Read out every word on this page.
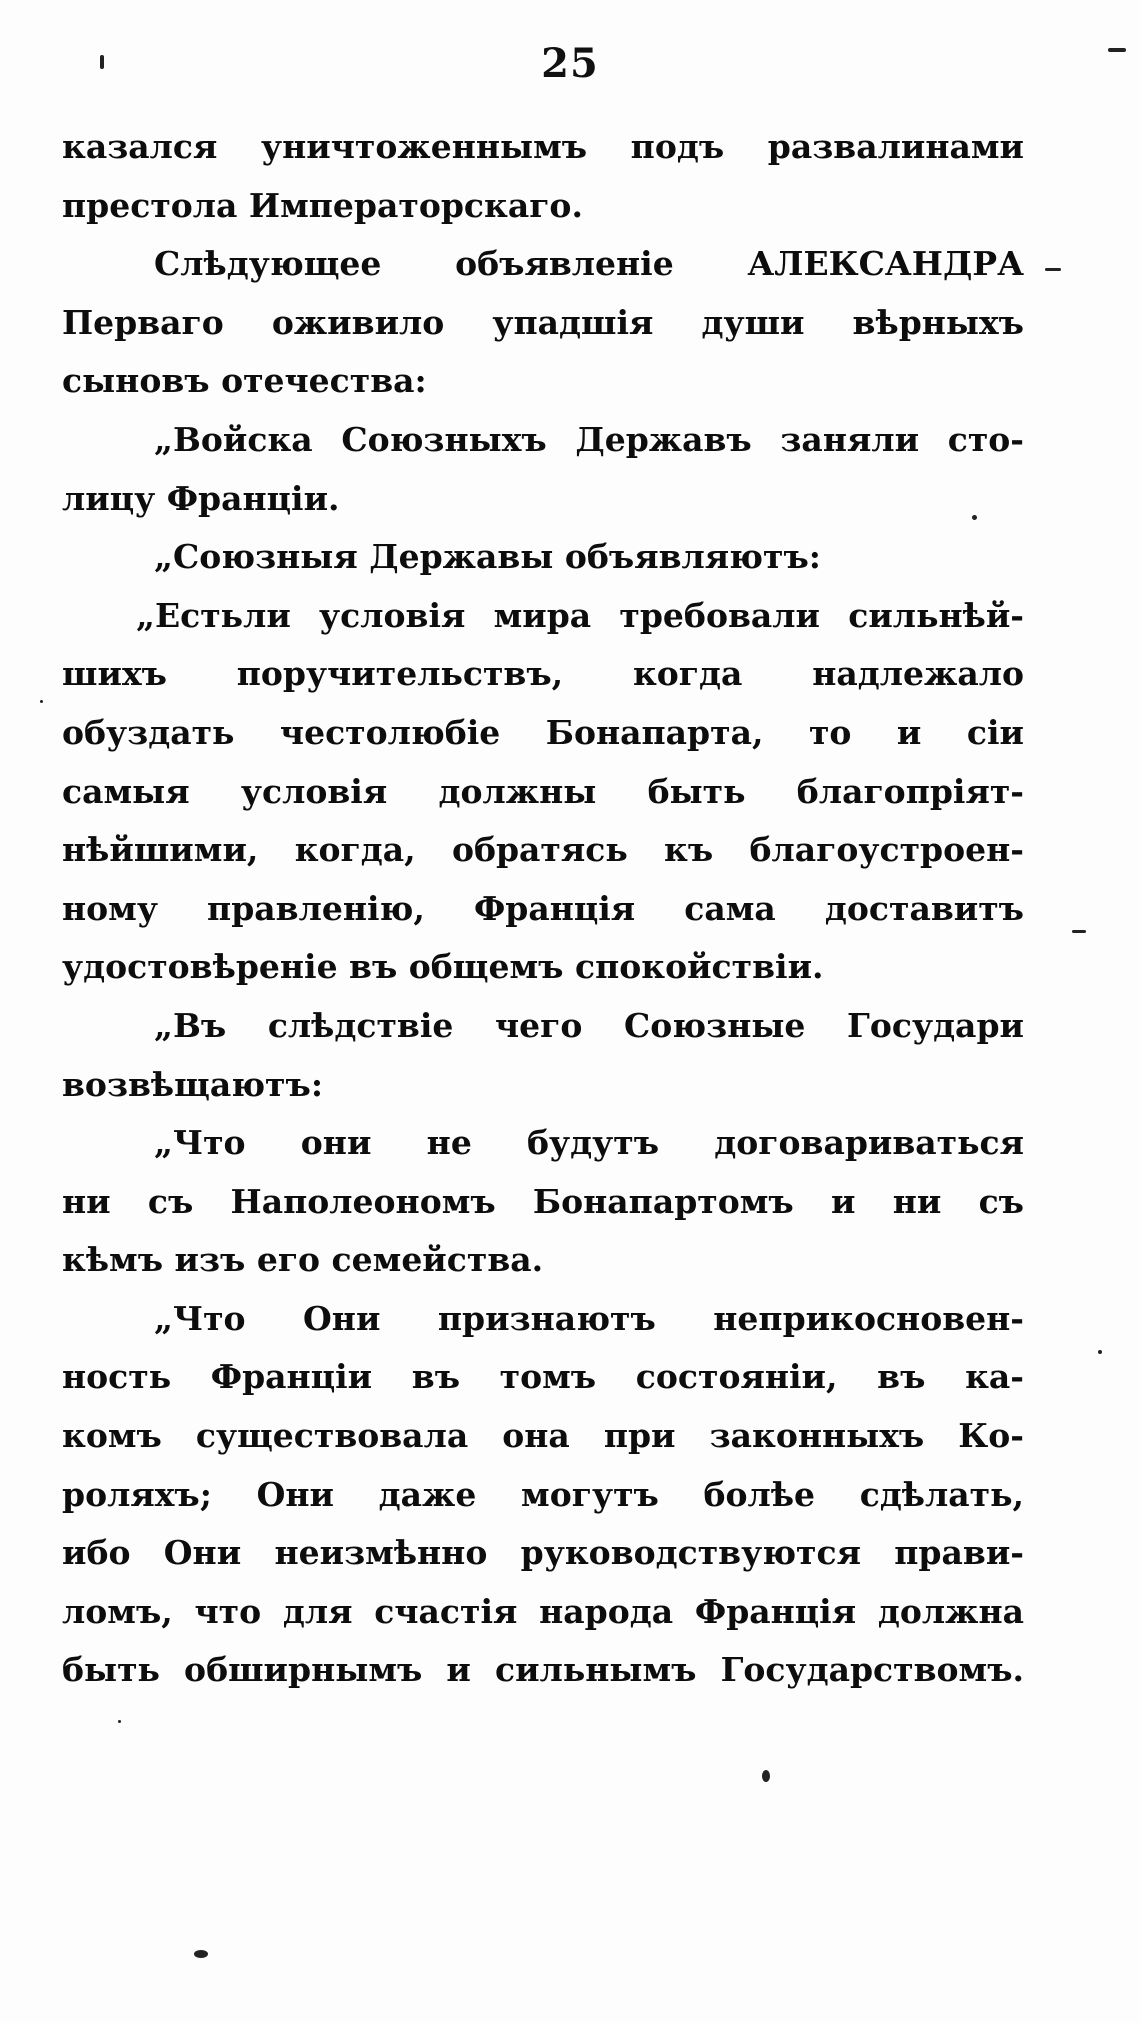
25
казался уничтоженнымъ подъ развалинами
престола Императорскаго.
Слѣдующее объявленіе АЛЕКСАНДРА
Перваго оживило упадшія души вѣрныхъ
сыновъ отечества:
„Войска Союзныхъ Державъ заняли сто-
лицу Франціи.
„Союзныя Державы объявляютъ:
„Естьли условія мира требовали сильнѣй-
шихъ поручительствъ, когда надлежало
обуздать честолюбіе Бонапарта, то и сіи
самыя условія должны быть благопріят-
нѣйшими, когда, обратясь къ благоустроен-
ному правленію, Франція сама доставитъ
удостовѣреніе въ общемъ спокойствіи.
„Въ слѣдствіе чего Союзные Государи
возвѣщаютъ:
„Что они не будутъ договариваться
ни съ Наполеономъ Бонапартомъ и ни съ
кѣмъ изъ его семейства.
„Что Они признаютъ неприкосновен-
ность Франціи въ томъ состояніи, въ ка-
комъ существовала она при законныхъ Ко-
роляхъ; Они даже могутъ болѣе сдѣлать,
ибо Они неизмѣнно руководствуются прави-
ломъ, что для счастія народа Франція должна
быть обширнымъ и сильнымъ Государствомъ.
